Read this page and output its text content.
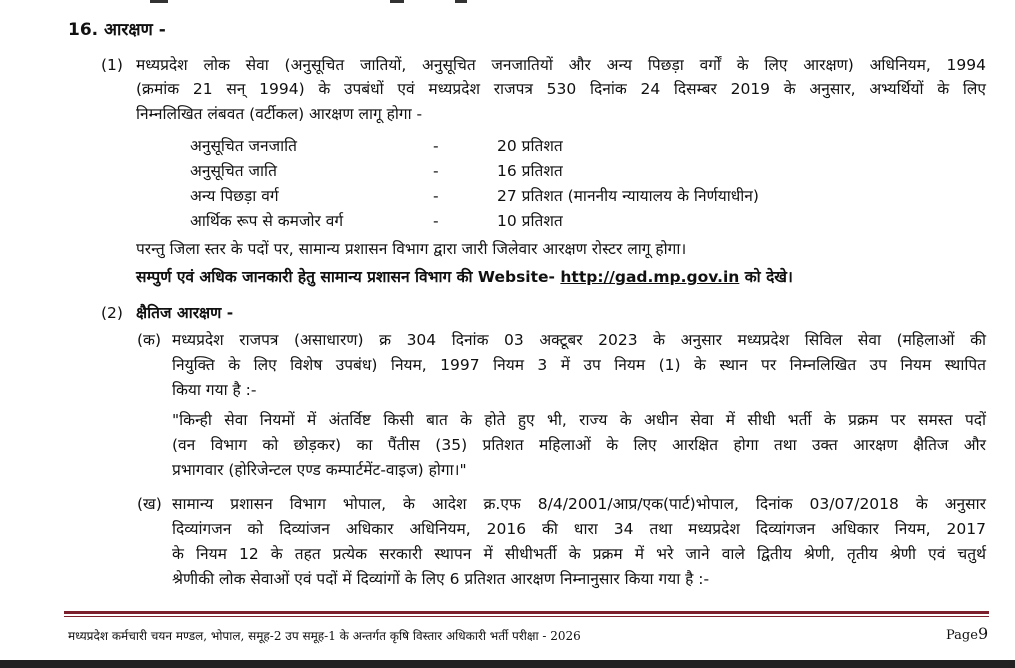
16. आरक्षण -
(1) मध्यप्रदेश लोक सेवा (अनुसूचित जातियों, अनुसूचित जनजातियों और अन्य पिछड़ा वर्गों के लिए आरक्षण) अधिनियम, 1994
(क्रमांक 21 सन् 1994) के उपबंधों एवं मध्यप्रदेश राजपत्र 530 दिनांक 24 दिसम्बर 2019 के अनुसार, अभ्यर्थियों के लिए
निम्नलिखित लंबवत (वर्टीकल) आरक्षण लागू होगा -
अनुसूचित जनजाति	-	20 प्रतिशत
अनुसूचित जाति	-	16 प्रतिशत
अन्य पिछड़ा वर्ग	-	27 प्रतिशत (माननीय न्यायालय के निर्णयाधीन)
आर्थिक रूप से कमजोर वर्ग	-	10 प्रतिशत
परन्तु जिला स्तर के पदों पर, सामान्य प्रशासन विभाग द्वारा जारी जिलेवार आरक्षण रोस्टर लागू होगा।
सम्पुर्ण एवं अधिक जानकारी हेतु सामान्य प्रशासन विभाग की Website- http://gad.mp.gov.in को देखे।
(2) क्षैतिज आरक्षण -
(क) मध्यप्रदेश राजपत्र (असाधारण) क्र 304 दिनांक 03 अक्टूबर 2023 के अनुसार मध्यप्रदेश सिविल सेवा (महिलाओं की
नियुक्ति के लिए विशेष उपबंध) नियम, 1997 नियम 3 में उप नियम (1) के स्थान पर निम्नलिखित उप नियम स्थापित
किया गया है :-
"किन्ही सेवा नियमों में अंतर्विष्ट किसी बात के होते हुए भी, राज्य के अधीन सेवा में सीधी भर्ती के प्रक्रम पर समस्त पदों
(वन विभाग को छोड़कर) का पैंतीस (35) प्रतिशत महिलाओं के लिए आरक्षित होगा तथा उक्त आरक्षण क्षैतिज और
प्रभागवार (होरिजेन्टल एण्ड कम्पार्टमेंट-वाइज) होगा।"
(ख) सामान्य प्रशासन विभाग भोपाल, के आदेश क्र.एफ 8/4/2001/आप्र/एक(पार्ट)भोपाल, दिनांक 03/07/2018 के अनुसार
दिव्यांगजन को दिव्यांजन अधिकार अधिनियम, 2016 की धारा 34 तथा मध्यप्रदेश दिव्यांगजन अधिकार नियम, 2017
के नियम 12 के तहत प्रत्येक सरकारी स्थापन में सीधीभर्ती के प्रक्रम में भरे जाने वाले द्वितीय श्रेणी, तृतीय श्रेणी एवं चतुर्थ
श्रेणीकी लोक सेवाओं एवं पदों में दिव्यांगों के लिए 6 प्रतिशत आरक्षण निम्नानुसार किया गया है :-
मध्यप्रदेश कर्मचारी चयन मण्डल, भोपाल, समूह-2 उप समूह-1 के अन्तर्गत कृषि विस्तार अधिकारी भर्ती परीक्षा - 2026	Page9
